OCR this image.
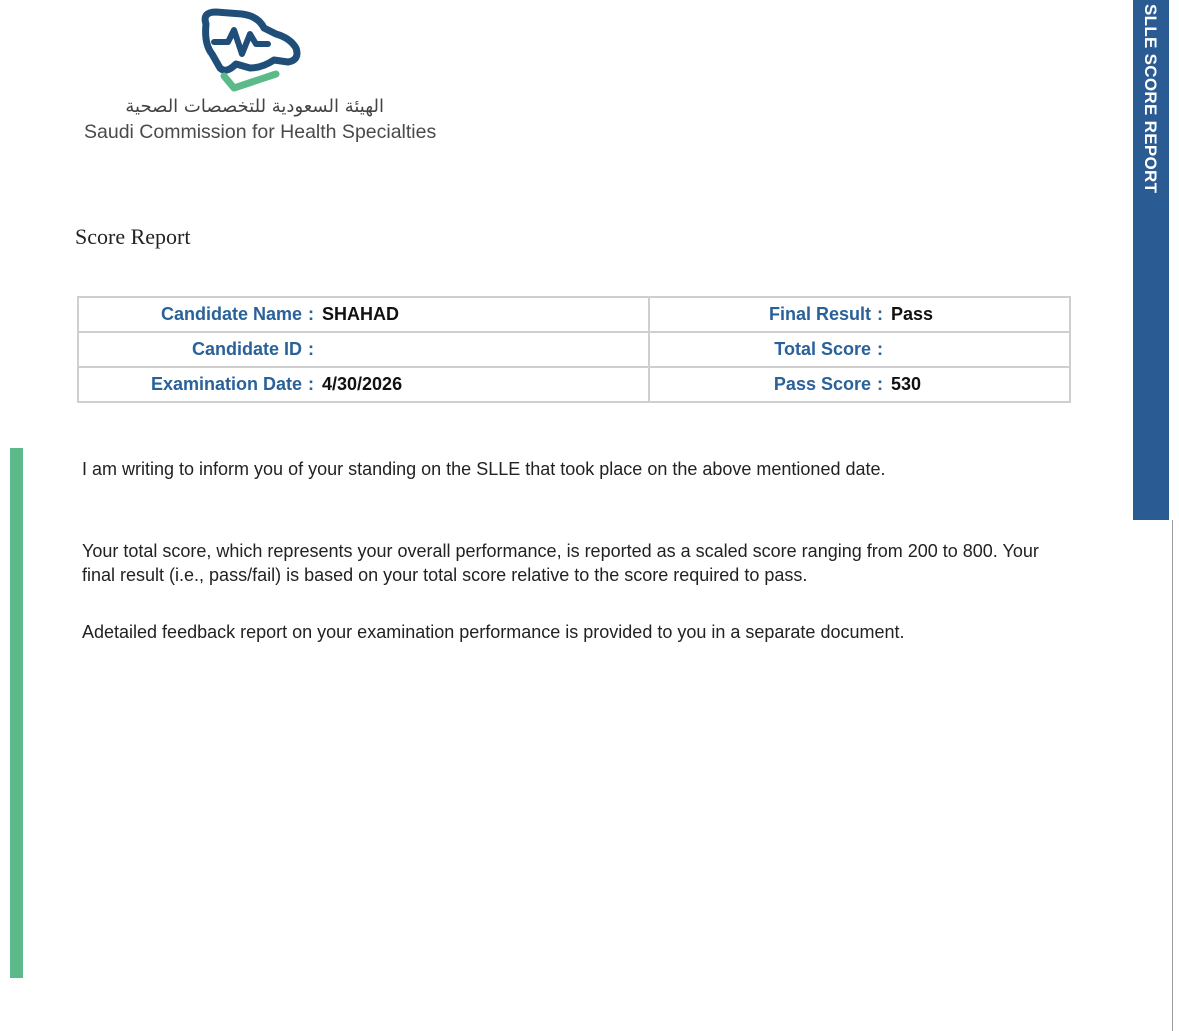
SLLE SCORE REPORT
الهيئة السعودية للتخصصات الصحية
Saudi Commission for Health Specialties
Score Report
Candidate Name : SHAHAD	Final Result : Pass
Candidate ID :	Total Score :
Examination Date : 4/30/2026	Pass Score : 530
I am writing to inform you of your standing on the SLLE that took place on the above mentioned date.
Your total score, which represents your overall performance, is reported as a scaled score ranging from 200 to 800. Your final result (i.e., pass/fail) is based on your total score relative to the score required to pass.
Adetailed feedback report on your examination performance is provided to you in a separate document.
